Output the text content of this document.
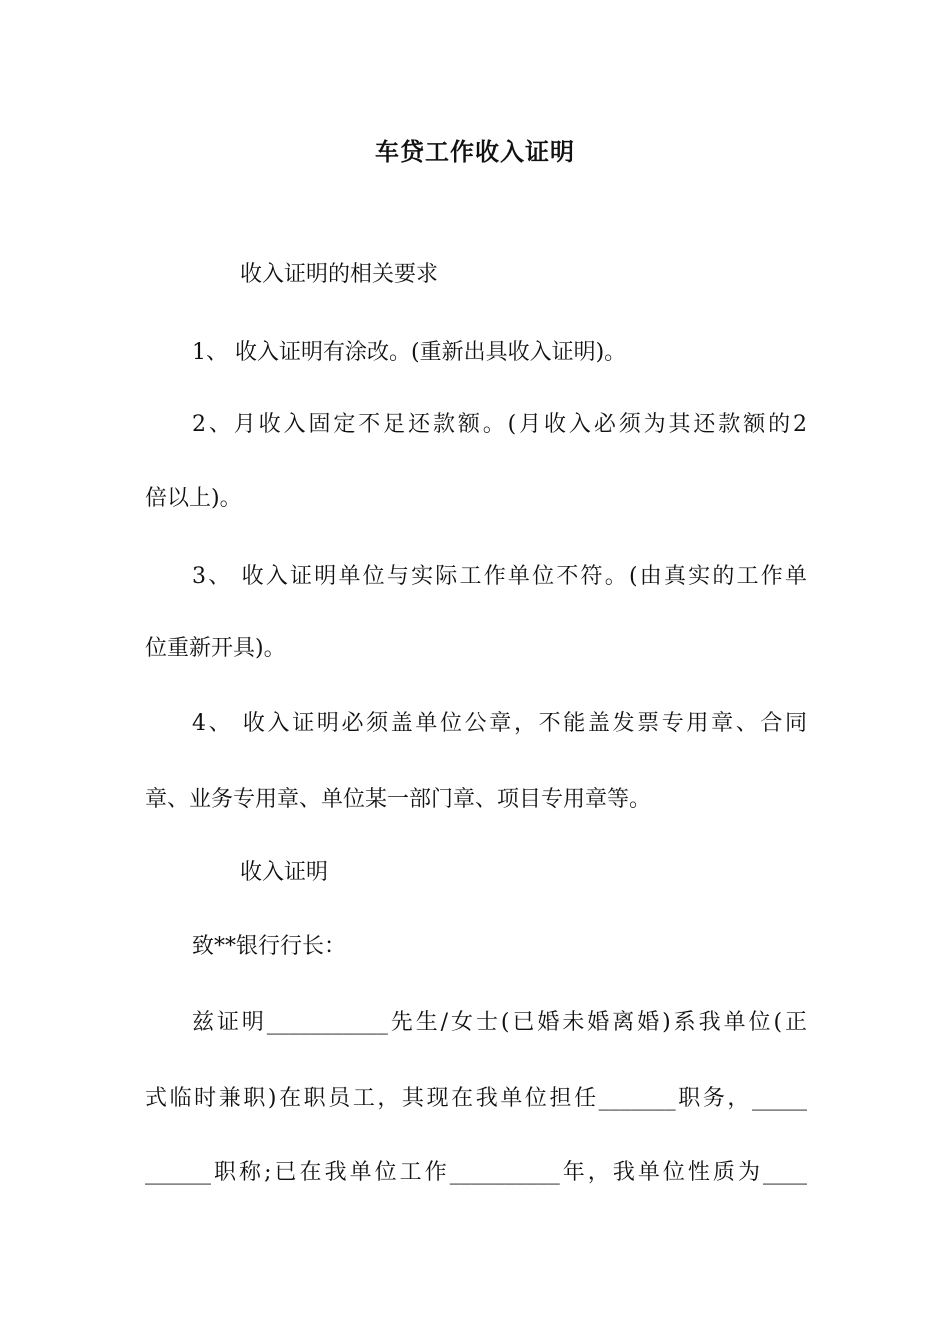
车贷工作收入证明
收入证明的相关要求
1、 收入证明有涂改。(重新出具收入证明)。
2、月收入固定不足还款额。(月收入必须为其还款额的2
倍以上)。
3、 收入证明单位与实际工作单位不符。(由真实的工作单
位重新开具)。
4、 收入证明必须盖单位公章，不能盖发票专用章、合同
章、业务专用章、单位某一部门章、项目专用章等。
收入证明
致**银行行长：
兹证明___________先生/女士(已婚未婚离婚)系我单位(正
式临时兼职)在职员工，其现在我单位担任_______职务，_____
______职称;已在我单位工作__________年，我单位性质为____
